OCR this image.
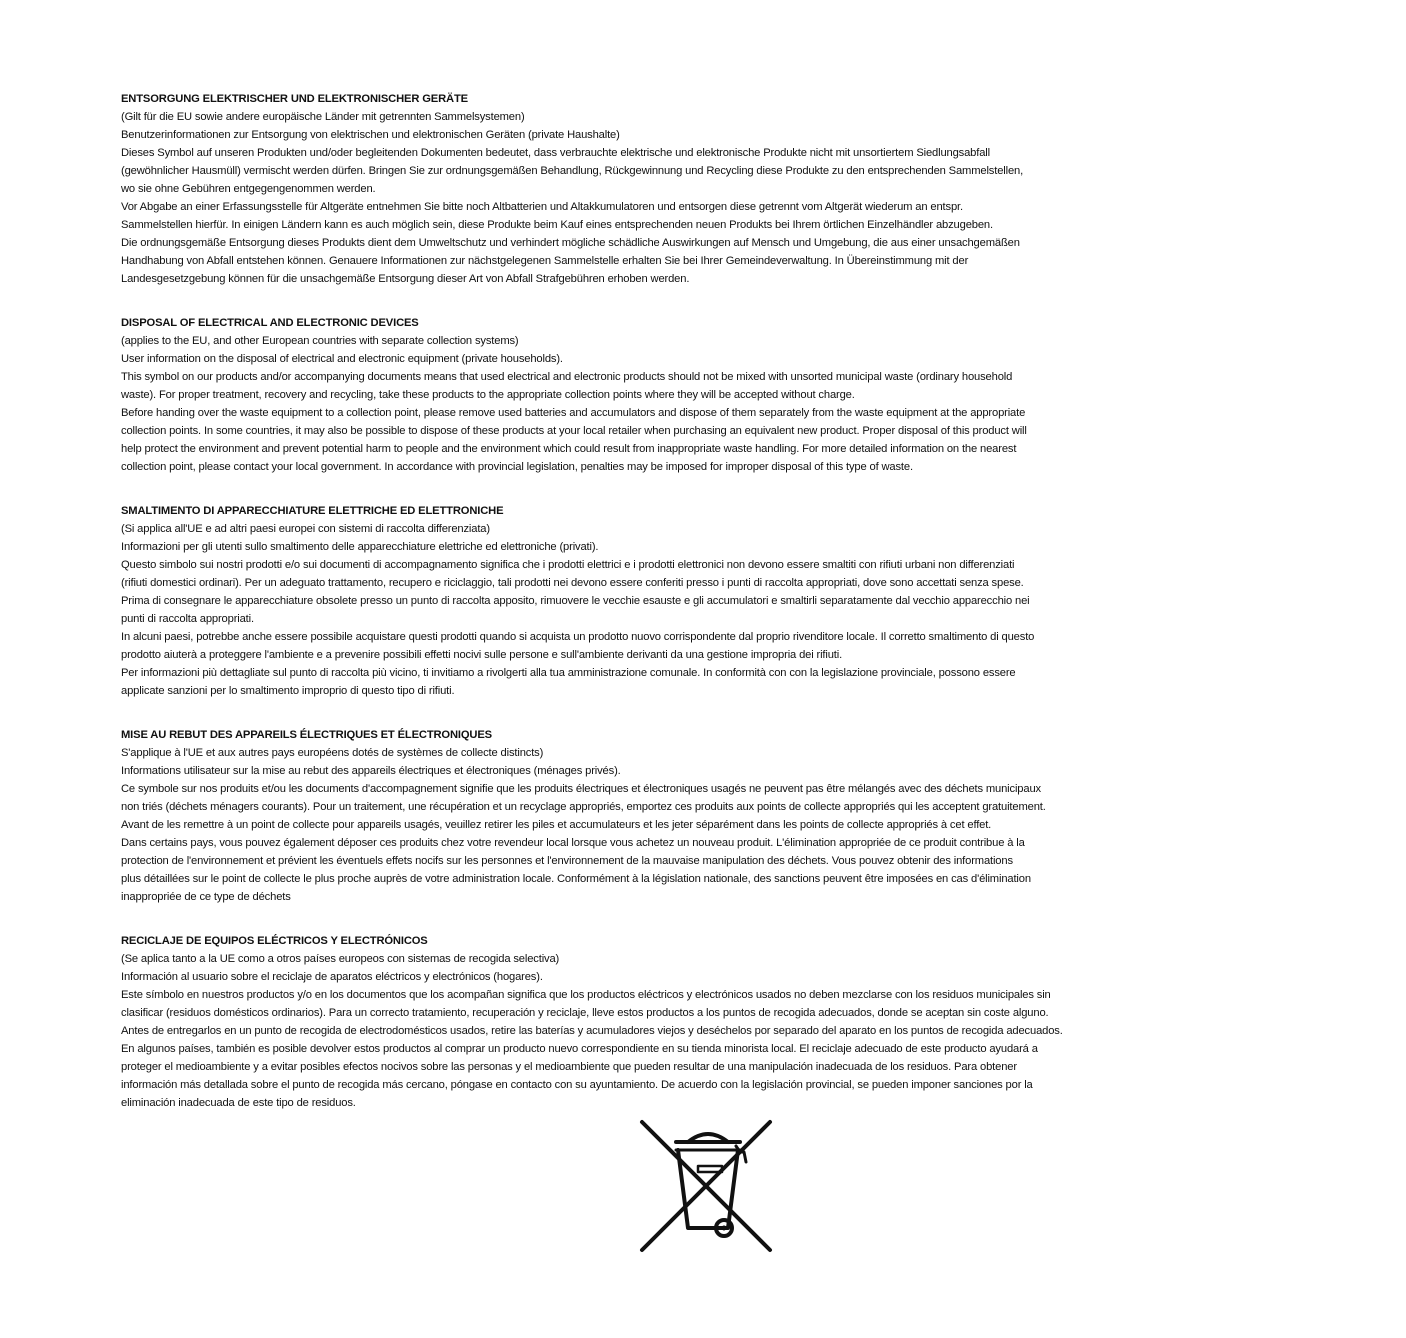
ENTSORGUNG ELEKTRISCHER UND ELEKTRONISCHER GERÄTE

(Gilt für die EU sowie andere europäische Länder mit getrennten Sammelsystemen)

Benutzerinformationen zur Entsorgung von elektrischen und elektronischen Geräten (private Haushalte)

Dieses Symbol auf unseren Produkten und/oder begleitenden Dokumenten bedeutet, dass verbrauchte elektrische und elektronische Produkte nicht mit unsortiertem Siedlungsabfall

(gewöhnlicher Hausmüll) vermischt werden dürfen. Bringen Sie zur ordnungsgemäßen Behandlung, Rückgewinnung und Recycling diese Produkte zu den entsprechenden Sammelstellen,

wo sie ohne Gebühren entgegengenommen werden.

Vor Abgabe an einer Erfassungsstelle für Altgeräte entnehmen Sie bitte noch Altbatterien und Altakkumulatoren und entsorgen diese getrennt vom Altgerät wiederum an entspr.

Sammelstellen hierfür. In einigen Ländern kann es auch möglich sein, diese Produkte beim Kauf eines entsprechenden neuen Produkts bei Ihrem örtlichen Einzelhändler abzugeben.

Die ordnungsgemäße Entsorgung dieses Produkts dient dem Umweltschutz und verhindert mögliche schädliche Auswirkungen auf Mensch und Umgebung, die aus einer unsachgemäßen

Handhabung von Abfall entstehen können. Genauere Informationen zur nächstgelegenen Sammelstelle erhalten Sie bei Ihrer Gemeindeverwaltung. In Übereinstimmung mit der

Landesgesetzgebung können für die unsachgemäße Entsorgung dieser Art von Abfall Strafgebühren erhoben werden.

DISPOSAL OF ELECTRICAL AND ELECTRONIC DEVICES

(applies to the EU, and other European countries with separate collection systems)

User information on the disposal of electrical and electronic equipment (private households).

This symbol on our products and/or accompanying documents means that used electrical and electronic products should not be mixed with unsorted municipal waste (ordinary household

waste). For proper treatment, recovery and recycling, take these products to the appropriate collection points where they will be accepted without charge.

Before handing over the waste equipment to a collection point, please remove used batteries and accumulators and dispose of them separately from the waste equipment at the appropriate

collection points. In some countries, it may also be possible to dispose of these products at your local retailer when purchasing an equivalent new product. Proper disposal of this product will

help protect the environment and prevent potential harm to people and the environment which could result from inappropriate waste handling. For more detailed information on the nearest

collection point, please contact your local government. In accordance with provincial legislation, penalties may be imposed for improper disposal of this type of waste.

SMALTIMENTO DI APPARECCHIATURE ELETTRICHE ED ELETTRONICHE

(Si applica all'UE e ad altri paesi europei con sistemi di raccolta differenziata)

Informazioni per gli utenti sullo smaltimento delle apparecchiature elettriche ed elettroniche (privati).

Questo simbolo sui nostri prodotti e/o sui documenti di accompagnamento significa che i prodotti elettrici e i prodotti elettronici non devono essere smaltiti con rifiuti urbani non differenziati

(rifiuti domestici ordinari). Per un adeguato trattamento, recupero e riciclaggio, tali prodotti nei devono essere conferiti presso i punti di raccolta appropriati, dove sono accettati senza spese.

Prima di consegnare le apparecchiature obsolete presso un punto di raccolta apposito, rimuovere le vecchie esauste e gli accumulatori e smaltirli separatamente dal vecchio apparecchio nei

punti di raccolta appropriati.

In alcuni paesi, potrebbe anche essere possibile acquistare questi prodotti quando si acquista un prodotto nuovo corrispondente dal proprio rivenditore locale. Il corretto smaltimento di questo

prodotto aiuterà a proteggere l'ambiente e a prevenire possibili effetti nocivi sulle persone e sull'ambiente derivanti da una gestione impropria dei rifiuti.

Per informazioni più dettagliate sul punto di raccolta più vicino, ti invitiamo a rivolgerti alla tua amministrazione comunale. In conformità con con la legislazione provinciale, possono essere

applicate sanzioni per lo smaltimento improprio di questo tipo di rifiuti.

MISE AU REBUT DES APPAREILS ÉLECTRIQUES ET ÉLECTRONIQUES

S'applique à l'UE et aux autres pays européens dotés de systèmes de collecte distincts)

Informations utilisateur sur la mise au rebut des appareils électriques et électroniques (ménages privés).

Ce symbole sur nos produits et/ou les documents d'accompagnement signifie que les produits électriques et électroniques usagés ne peuvent pas être mélangés avec des déchets municipaux

non triés (déchets ménagers courants). Pour un traitement, une récupération et un recyclage appropriés, emportez ces produits aux points de collecte appropriés qui les acceptent gratuitement.

Avant de les remettre à un point de collecte pour appareils usagés, veuillez retirer les piles et accumulateurs et les jeter séparément dans les points de collecte appropriés à cet effet.

Dans certains pays, vous pouvez également déposer ces produits chez votre revendeur local lorsque vous achetez un nouveau produit. L'élimination appropriée de ce produit contribue à la

protection de l'environnement et prévient les éventuels effets nocifs sur les personnes et l'environnement de la mauvaise manipulation des déchets. Vous pouvez obtenir des informations

plus détaillées sur le point de collecte le plus proche auprès de votre administration locale. Conformément à la législation nationale, des sanctions peuvent être imposées en cas d'élimination

inappropriée de ce type de déchets

RECICLAJE DE EQUIPOS ELÉCTRICOS Y ELECTRÓNICOS

(Se aplica tanto a la UE como a otros países europeos con sistemas de recogida selectiva)

Información al usuario sobre el reciclaje de aparatos eléctricos y electrónicos (hogares).

Este símbolo en nuestros productos y/o en los documentos que los acompañan significa que los productos eléctricos y electrónicos usados no deben mezclarse con los residuos municipales sin

clasificar (residuos domésticos ordinarios). Para un correcto tratamiento, recuperación y reciclaje, lleve estos productos a los puntos de recogida adecuados, donde se aceptan sin coste alguno.

Antes de entregarlos en un punto de recogida de electrodomésticos usados, retire las baterías y acumuladores viejos y deséchelos por separado del aparato en los puntos de recogida adecuados.

En algunos países, también es posible devolver estos productos al comprar un producto nuevo correspondiente en su tienda minorista local. El reciclaje adecuado de este producto ayudará a

proteger el medioambiente y a evitar posibles efectos nocivos sobre las personas y el medioambiente que pueden resultar de una manipulación inadecuada de los residuos. Para obtener

información más detallada sobre el punto de recogida más cercano, póngase en contacto con su ayuntamiento. De acuerdo con la legislación provincial, se pueden imponer sanciones por la

eliminación inadecuada de este tipo de residuos.
